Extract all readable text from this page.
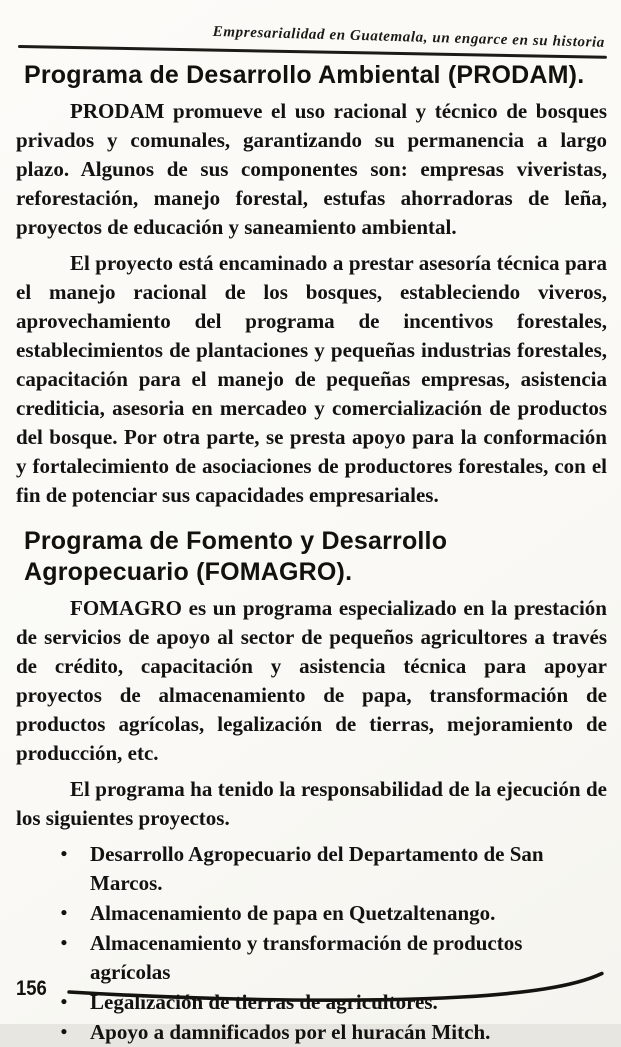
Empresarialidad en Guatemala, un engarce en su historia
Programa de Desarrollo Ambiental (PRODAM).

PRODAM promueve el uso racional y técnico de bosques privados y comunales, garantizando su permanencia a largo plazo. Algunos de sus componentes son: empresas viveristas, reforestación, manejo forestal, estufas ahorradoras de leña, proyectos de educación y saneamiento ambiental.

El proyecto está encaminado a prestar asesoría técnica para el manejo racional de los bosques, estableciendo viveros, aprovechamiento del programa de incentivos forestales, establecimientos de plantaciones y pequeñas industrias forestales, capacitación para el manejo de pequeñas empresas, asistencia crediticia, asesoria en mercadeo y comercialización de productos del bosque. Por otra parte, se presta apoyo para la conformación y fortalecimiento de asociaciones de productores forestales, con el fin de potenciar sus capacidades empresariales.

Programa de Fomento y Desarrollo Agropecuario (FOMAGRO).

FOMAGRO es un programa especializado en la prestación de servicios de apoyo al sector de pequeños agricultores a través de crédito, capacitación y asistencia técnica para apoyar proyectos de almacenamiento de papa, transformación de productos agrícolas, legalización de tierras, mejoramiento de producción, etc.

El programa ha tenido la responsabilidad de la ejecución de los siguientes proyectos.

• Desarrollo Agropecuario del Departamento de San Marcos.
• Almacenamiento de papa en Quetzaltenango.
• Almacenamiento y transformación de productos agrícolas
• Legalización de tierras de agricultores.
• Apoyo a damnificados por el huracán Mitch.
156
